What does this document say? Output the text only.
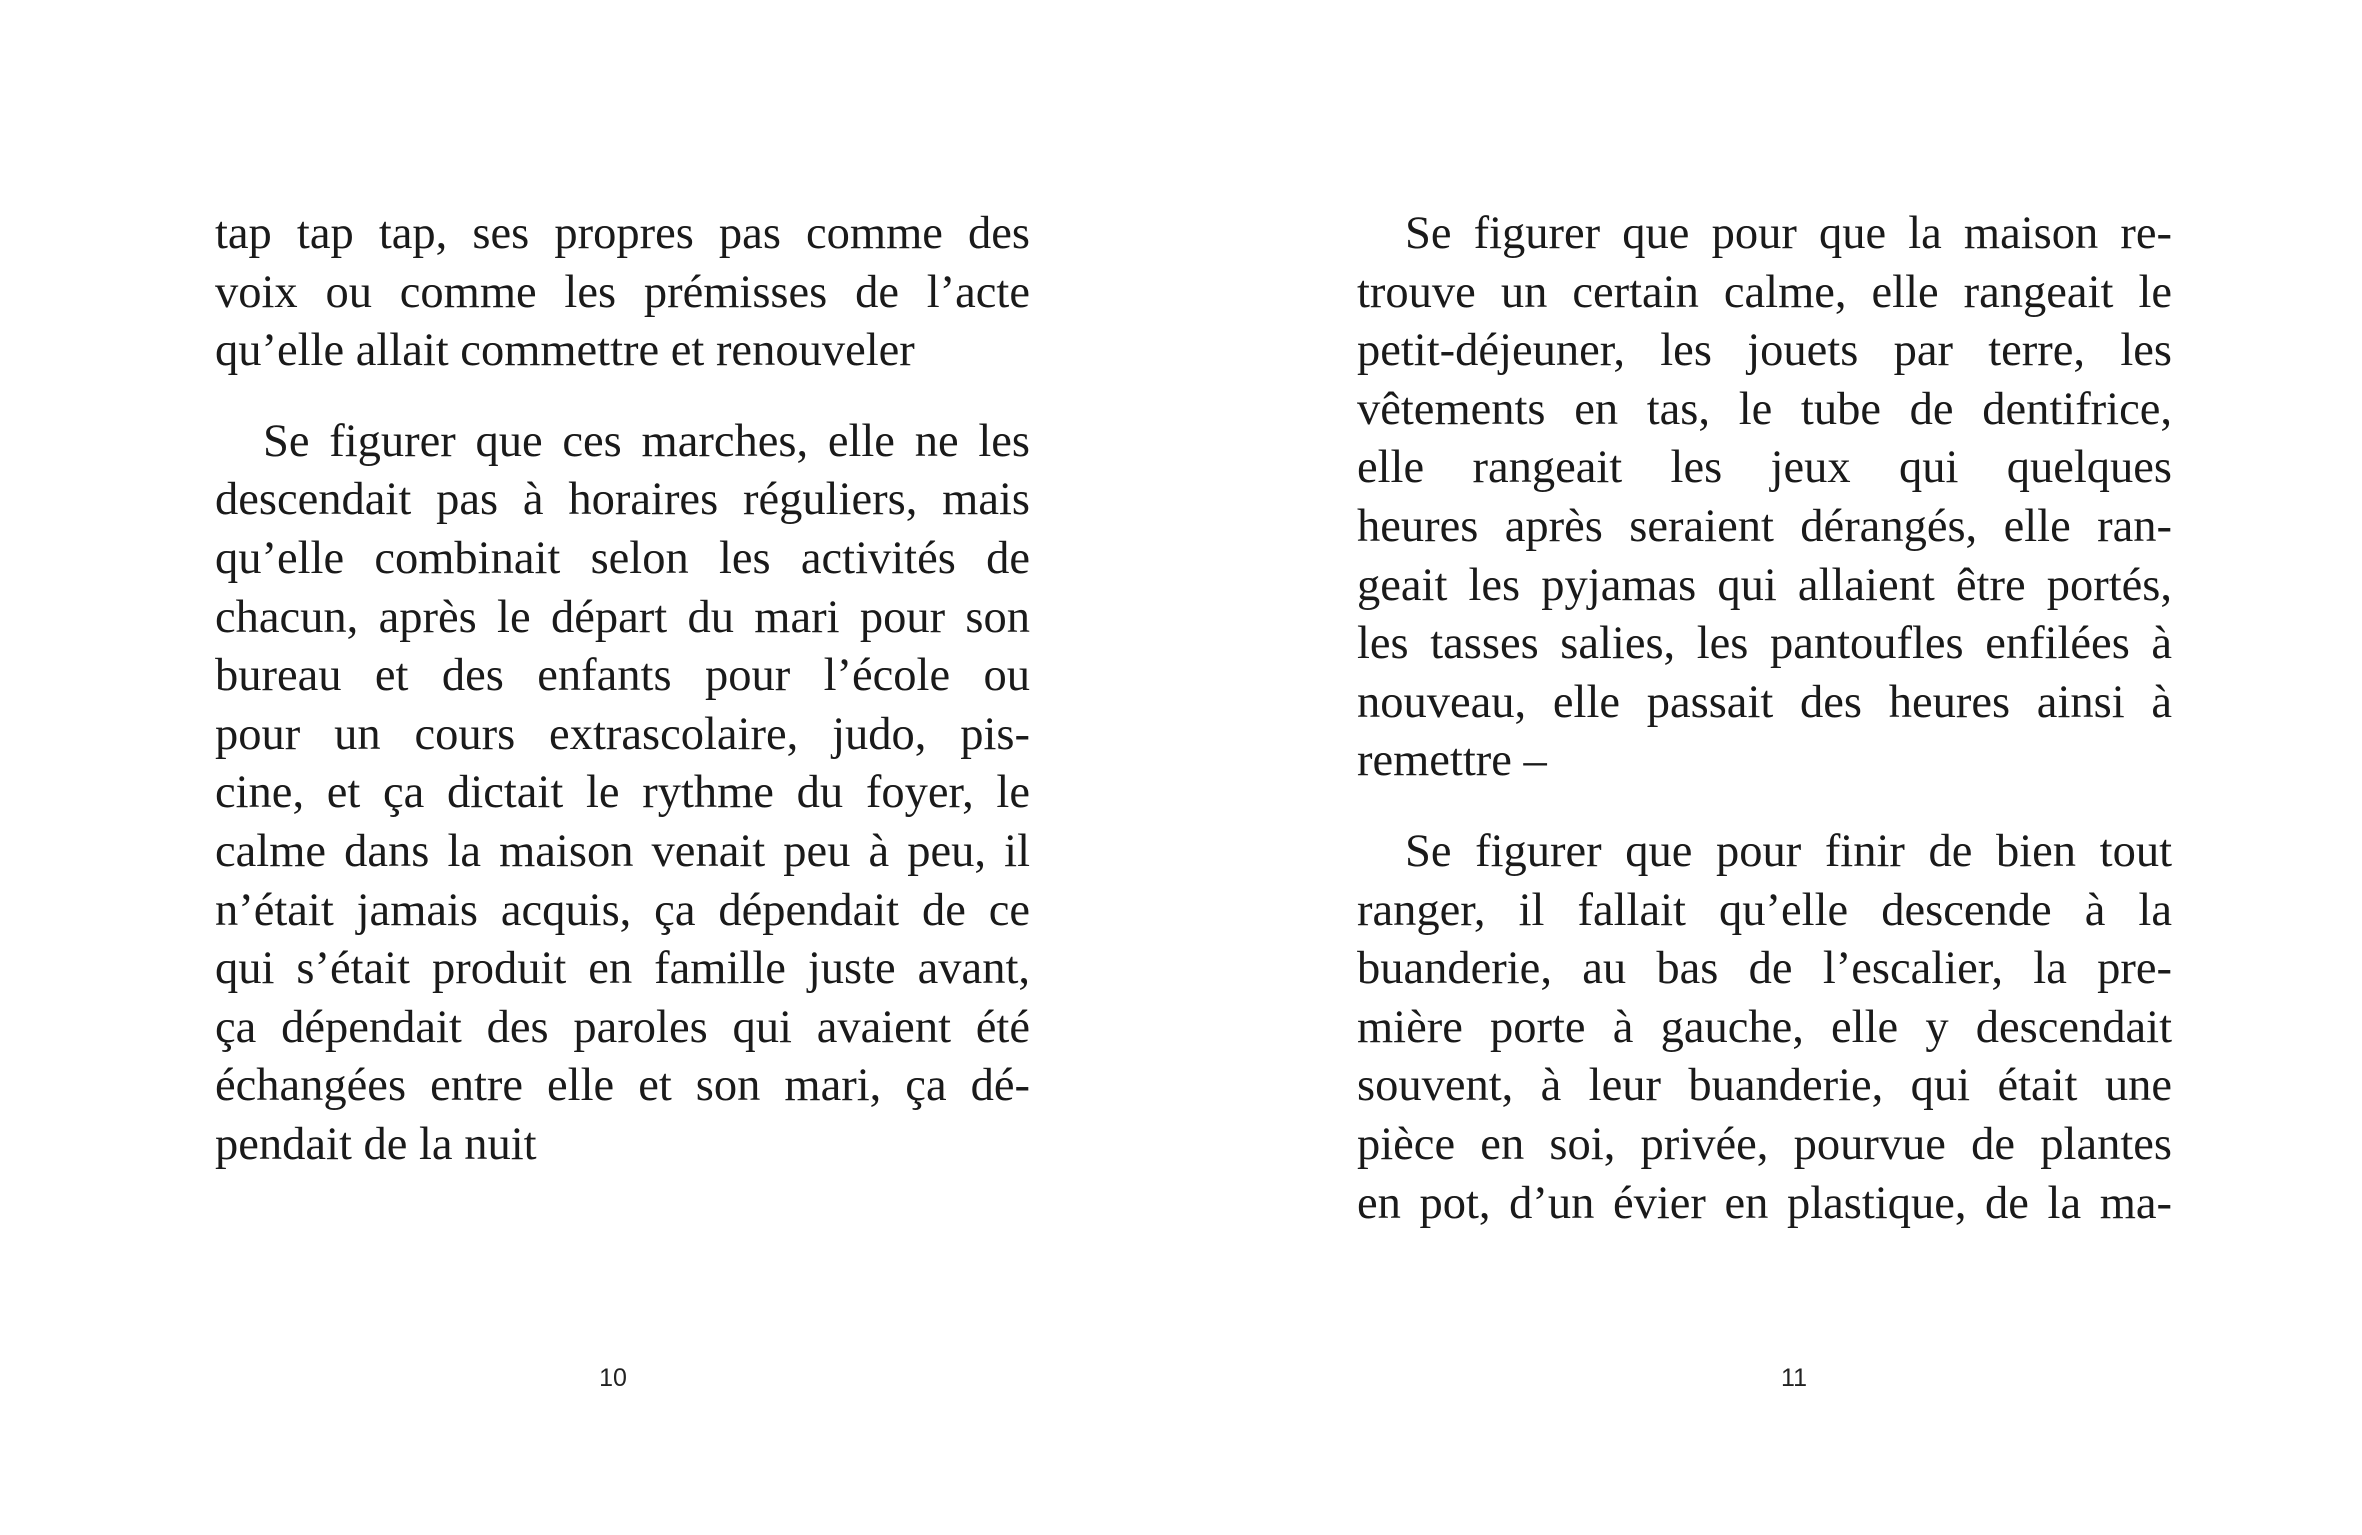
tap tap tap, ses propres pas comme des
voix ou comme les prémisses de l’acte
qu’elle allait commettre et renouveler

Se figurer que ces marches, elle ne les
descendait pas à horaires réguliers, mais
qu’elle combinait selon les activités de
chacun, après le départ du mari pour son
bureau et des enfants pour l’école ou
pour un cours extrascolaire, judo, pis-
cine, et ça dictait le rythme du foyer, le
calme dans la maison venait peu à peu, il
n’était jamais acquis, ça dépendait de ce
qui s’était produit en famille juste avant,
ça dépendait des paroles qui avaient été
échangées entre elle et son mari, ça dé-
pendait de la nuit

10

Se figurer que pour que la maison re-
trouve un certain calme, elle rangeait le
petit-déjeuner, les jouets par terre, les
vêtements en tas, le tube de dentifrice,
elle rangeait les jeux qui quelques
heures après seraient dérangés, elle ran-
geait les pyjamas qui allaient être portés,
les tasses salies, les pantoufles enfilées à
nouveau, elle passait des heures ainsi à
remettre –

Se figurer que pour finir de bien tout
ranger, il fallait qu’elle descende à la
buanderie, au bas de l’escalier, la pre-
mière porte à gauche, elle y descendait
souvent, à leur buanderie, qui était une
pièce en soi, privée, pourvue de plantes
en pot, d’un évier en plastique, de la ma-

11
